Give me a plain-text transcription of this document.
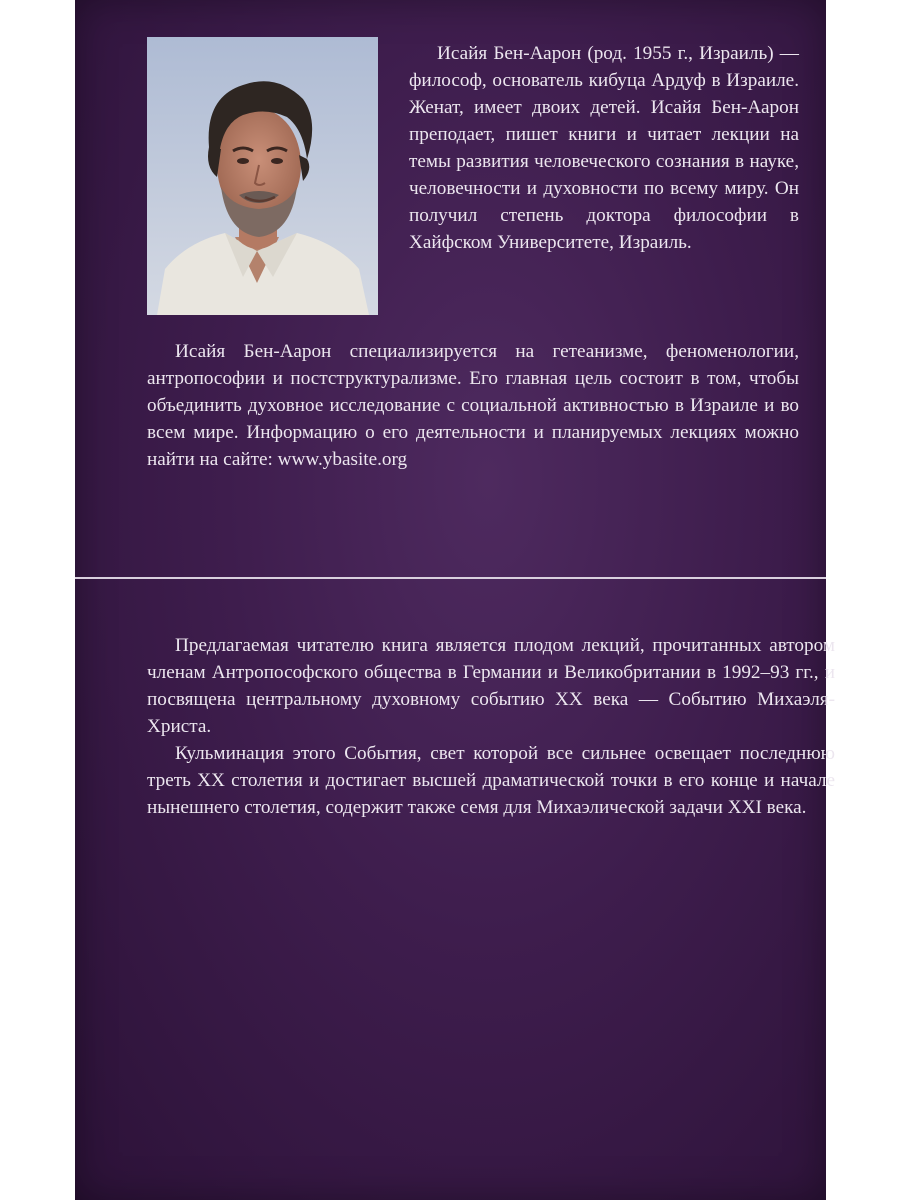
Исайя Бен-Аарон (род. 1955 г., Израиль) — философ, основатель кибуца Ардуф в Израиле. Женат, имеет двоих детей. Исайя Бен-Аарон преподает, пишет книги и читает лекции на темы развития человеческого сознания в науке, человечности и духовности по всему миру. Он получил степень доктора философии в Хайфском Университете, Израиль.

Исайя Бен-Аарон специализируется на гетеанизме, феноменологии, антропософии и постструктурализме. Его главная цель состоит в том, чтобы объединить духовное исследование с социальной активностью в Израиле и во всем мире. Информацию о его деятельности и планируемых лекциях можно найти на сайте: www.ybasite.org

Предлагаемая читателю книга является плодом лекций, прочитанных автором членам Антропософского общества в Германии и Великобритании в 1992–93 гг., и посвящена центральному духовному событию XX века — Событию Михаэля-Христа.

Кульминация этого События, свет которой все сильнее освещает последнюю треть XX столетия и достигает высшей драматической точки в его конце и начале нынешнего столетия, содержит также семя для Михаэлической задачи XXI века.
